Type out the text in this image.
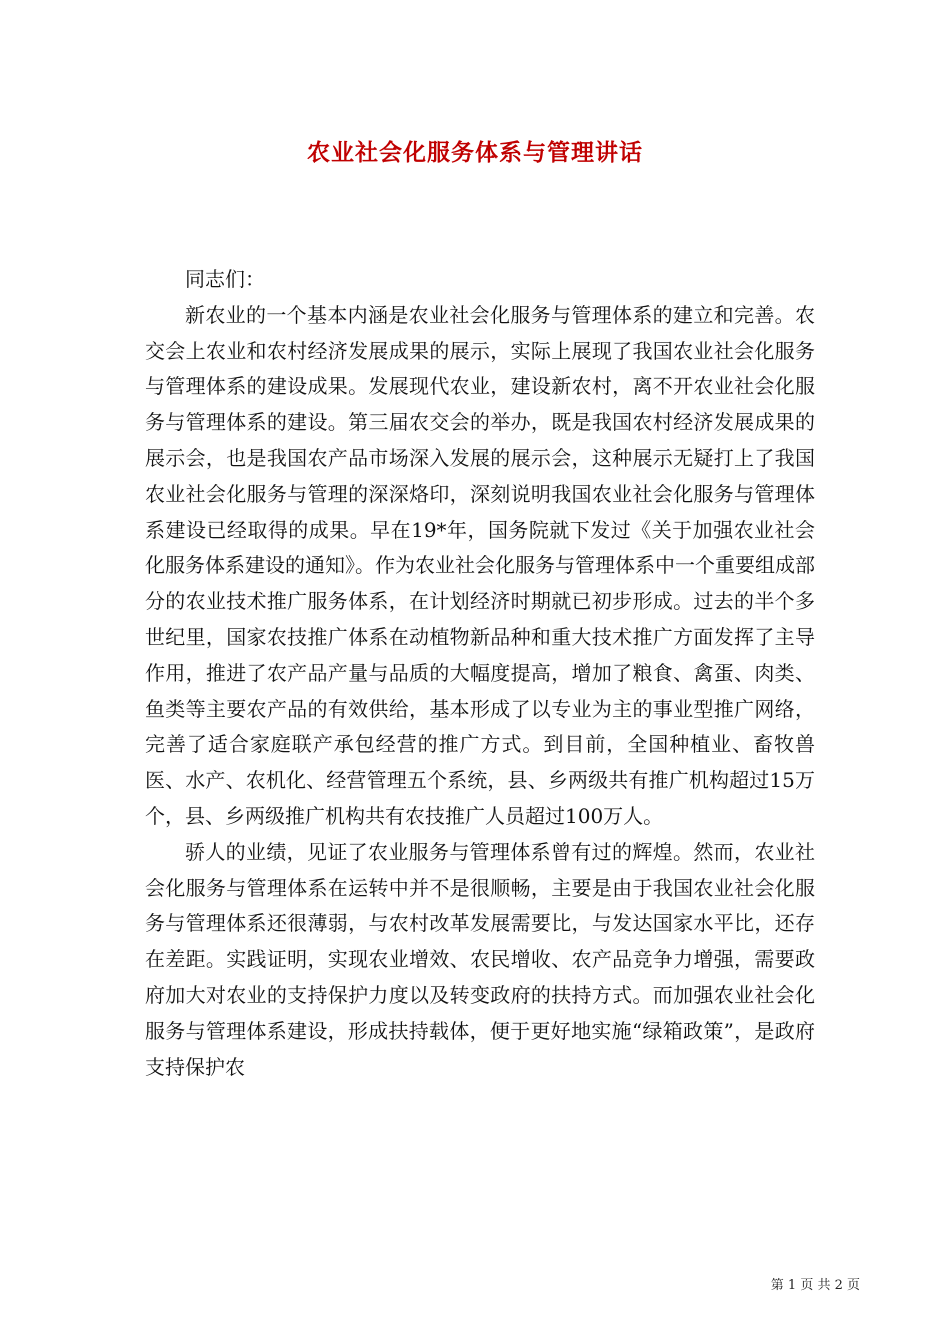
农业社会化服务体系与管理讲话

同志们：

新农业的一个基本内涵是农业社会化服务与管理体系的建立和完善。农交会上农业和农村经济发展成果的展示，实际上展现了我国农业社会化服务与管理体系的建设成果。发展现代农业，建设新农村，离不开农业社会化服务与管理体系的建设。第三届农交会的举办，既是我国农村经济发展成果的展示会，也是我国农产品市场深入发展的展示会，这种展示无疑打上了我国农业社会化服务与管理的深深烙印，深刻说明我国农业社会化服务与管理体系建设已经取得的成果。早在19*年，国务院就下发过《关于加强农业社会化服务体系建设的通知》。作为农业社会化服务与管理体系中一个重要组成部分的农业技术推广服务体系，在计划经济时期就已初步形成。过去的半个多世纪里，国家农技推广体系在动植物新品种和重大技术推广方面发挥了主导作用，推进了农产品产量与品质的大幅度提高，增加了粮食、禽蛋、肉类、鱼类等主要农产品的有效供给，基本形成了以专业为主的事业型推广网络，完善了适合家庭联产承包经营的推广方式。到目前，全国种植业、畜牧兽医、水产、农机化、经营管理五个系统，县、乡两级共有推广机构超过15万个，县、乡两级推广机构共有农技推广人员超过100万人。

骄人的业绩，见证了农业服务与管理体系曾有过的辉煌。然而，农业社会化服务与管理体系在运转中并不是很顺畅，主要是由于我国农业社会化服务与管理体系还很薄弱，与农村改革发展需要比，与发达国家水平比，还存在差距。实践证明，实现农业增效、农民增收、农产品竞争力增强，需要政府加大对农业的支持保护力度以及转变政府的扶持方式。而加强农业社会化服务与管理体系建设，形成扶持载体，便于更好地实施“绿箱政策”，是政府支持保护农

第 1 页 共 2 页
